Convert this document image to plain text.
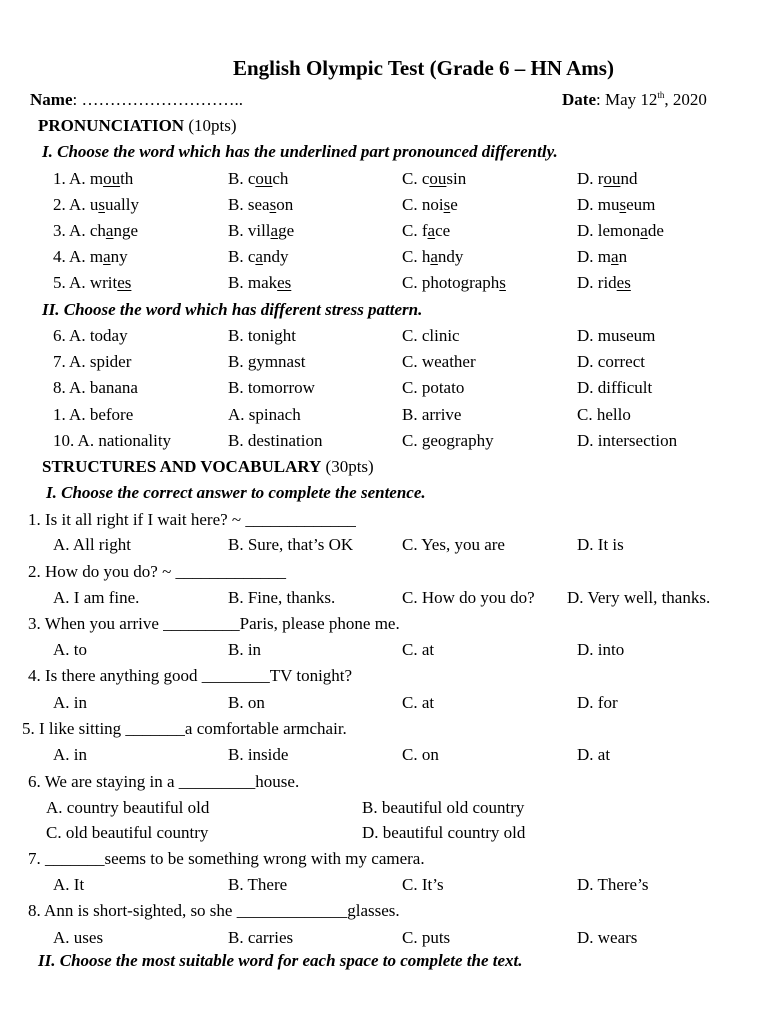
English Olympic Test (Grade 6 – HN Ams)
Name: ………………………..	Date: May 12th, 2020
PRONUNCIATION (10pts)
I. Choose the word which has the underlined part pronounced differently.
1. A. mouth	B. couch	C. cousin	D. round
2. A. usually	B. season	C. noise	D. museum
3. A. change	B. village	C. face	D. lemonade
4. A. many	B. candy	C. handy	D. man
5. A. writes	B. makes	C. photographs	D. rides
II. Choose the word which has different stress pattern.
6. A. today	B. tonight	C. clinic	D. museum
7. A. spider	B. gymnast	C. weather	D. correct
8. A. banana	B. tomorrow	C. potato	D. difficult
1. A. before	A. spinach	B. arrive	C. hello
10. A. nationality	B. destination	C. geography	D. intersection
STRUCTURES AND VOCABULARY (30pts)
I. Choose the correct answer to complete the sentence.
1. Is it all right if I wait here? ~ _____________
A. All right	B. Sure, that’s OK	C. Yes, you are	D. It is
2. How do you do? ~ _____________
A. I am fine.	B. Fine, thanks.	C. How do you do? D. Very well, thanks.
3. When you arrive _________Paris, please phone me.
A. to	B. in	C. at	D. into
4. Is there anything good ________TV tonight?
A. in	B. on	C. at	D. for
5. I like sitting _______a comfortable armchair.
A. in	B. inside	C. on	D. at
6. We are staying in a _________house.
A. country beautiful old	B. beautiful old country
C. old beautiful country	D. beautiful country old
7. _______seems to be something wrong with my camera.
A. It	B. There	C. It’s	D. There’s
8. Ann is short-sighted, so she _____________glasses.
A. uses	B. carries	C. puts	D. wears
II. Choose the most suitable word for each space to complete the text.
